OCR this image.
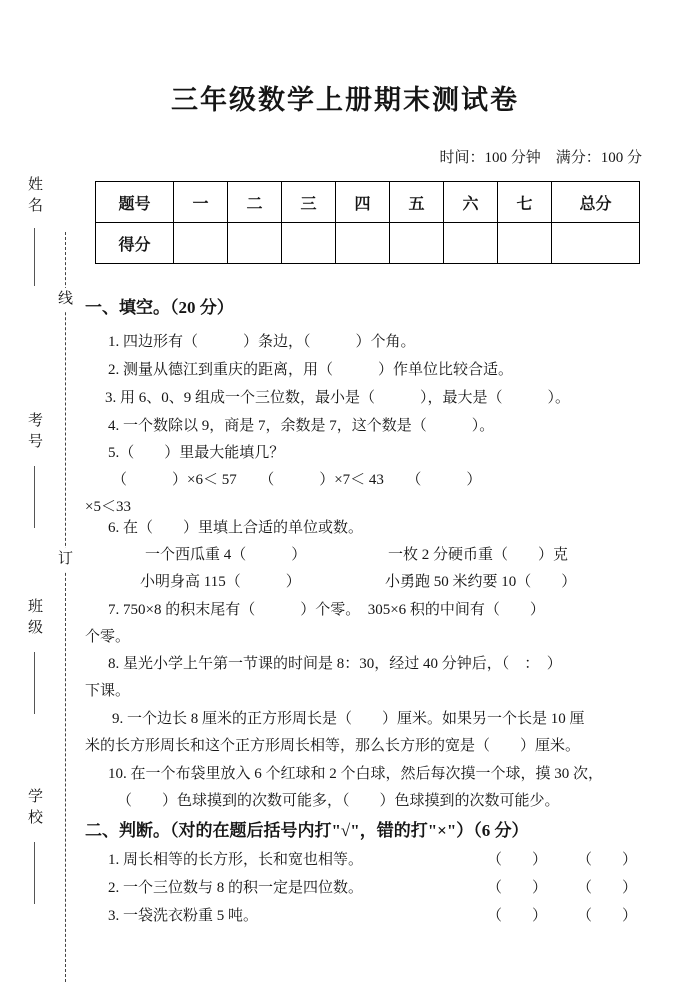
姓名
考号
班级
学校
线
订
三年级数学上册期末测试卷
时间：100 分钟　满分：100 分
题号	一	二	三	四	五	六	七	总分
得分								
一、填空。（20 分）
1. 四边形有（　　　）条边，（　　　）个角。
2. 测量从德江到重庆的距离，用（　　　）作单位比较合适。
3. 用 6、0、9 组成一个三位数，最小是（　　　），最大是（　　　）。
4. 一个数除以 9，商是 7，余数是 7，这个数是（　　　）。
5.（　　）里最大能填几？
（　　　）×6＜ 57　　（　　　）×7＜ 43　　（　　　）
×5＜33
6. 在（　　）里填上合适的单位或数。
一个西瓜重 4（　　　）	一枚 2 分硬币重（　　）克
小明身高 115（　　　）	小勇跑 50 米约要 10（　　）
7. 750×8 的积末尾有（　　　）个零。　305×6 积的中间有（　　）
个零。
8. 星光小学上午第一节课的时间是 8：30，经过 40 分钟后，（　：　）
下课。
9. 一个边长 8 厘米的正方形周长是（　　）厘米。如果另一个长是 10 厘
米的长方形周长和这个正方形周长相等，那么长方形的宽是（　　）厘米。
10. 在一个布袋里放入 6 个红球和 2 个白球，然后每次摸一个球，摸 30 次，
（　　）色球摸到的次数可能多，（　　）色球摸到的次数可能少。
二、判断。（对的在题后括号内打"√"，错的打"×"）（6 分）
1. 周长相等的长方形，长和宽也相等。	（　　） （　　）
2. 一个三位数与 8 的积一定是四位数。	（　　） （　　）
3. 一袋洗衣粉重 5 吨。	（　　） （　　）
